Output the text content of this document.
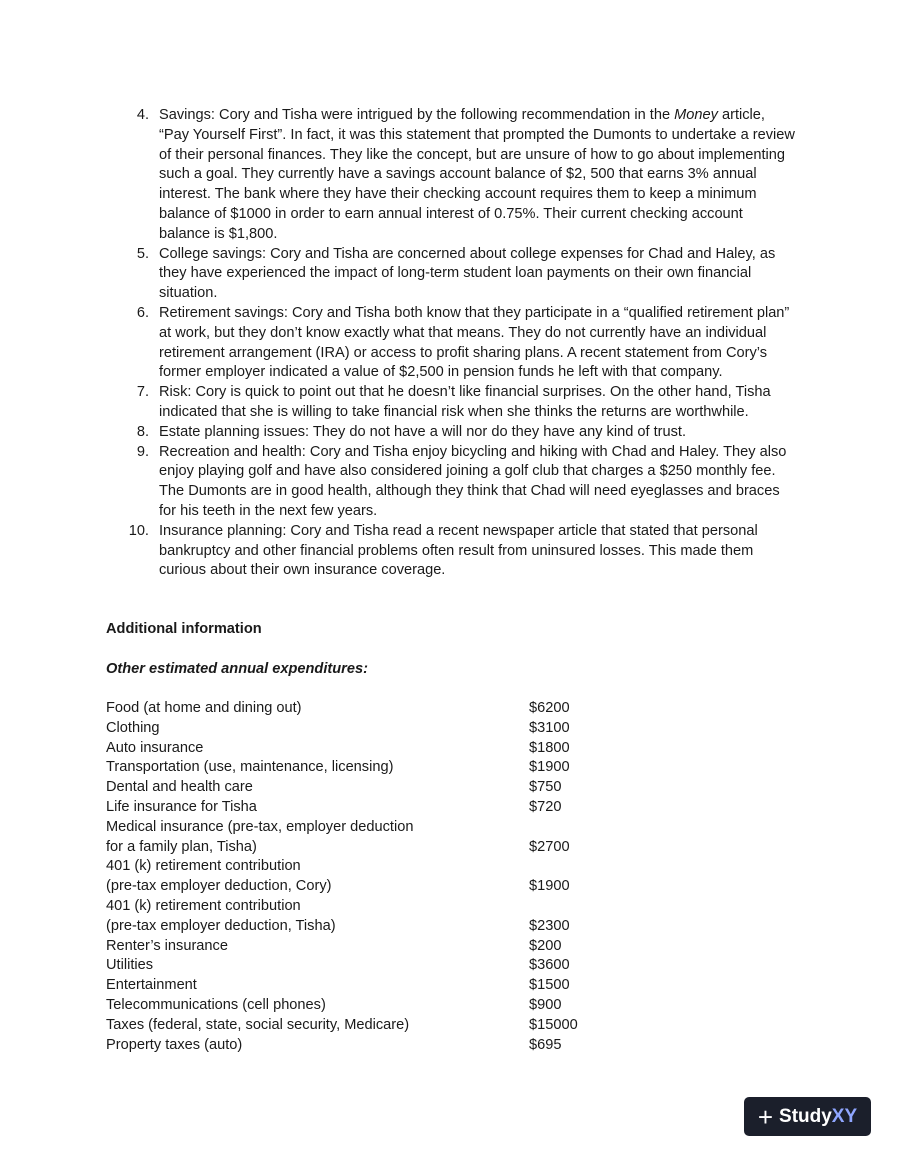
4. Savings: Cory and Tisha were intrigued by the following recommendation in the Money article, “Pay Yourself First”. In fact, it was this statement that prompted the Dumonts to undertake a review of their personal finances. They like the concept, but are unsure of how to go about implementing such a goal. They currently have a savings account balance of $2, 500 that earns 3% annual interest. The bank where they have their checking account requires them to keep a minimum balance of $1000 in order to earn annual interest of 0.75%. Their current checking account balance is $1,800.
5. College savings: Cory and Tisha are concerned about college expenses for Chad and Haley, as they have experienced the impact of long-term student loan payments on their own financial situation.
6. Retirement savings: Cory and Tisha both know that they participate in a “qualified retirement plan” at work, but they don’t know exactly what that means. They do not currently have an individual retirement arrangement (IRA) or access to profit sharing plans. A recent statement from Cory’s former employer indicated a value of $2,500 in pension funds he left with that company.
7. Risk: Cory is quick to point out that he doesn’t like financial surprises. On the other hand, Tisha indicated that she is willing to take financial risk when she thinks the returns are worthwhile.
8. Estate planning issues: They do not have a will nor do they have any kind of trust.
9. Recreation and health: Cory and Tisha enjoy bicycling and hiking with Chad and Haley. They also enjoy playing golf and have also considered joining a golf club that charges a $250 monthly fee. The Dumonts are in good health, although they think that Chad will need eyeglasses and braces for his teeth in the next few years.
10. Insurance planning: Cory and Tisha read a recent newspaper article that stated that personal bankruptcy and other financial problems often result from uninsured losses. This made them curious about their own insurance coverage.
Additional information
Other estimated annual expenditures:
Food (at home and dining out)	$6200
Clothing	$3100
Auto insurance	$1800
Transportation (use, maintenance, licensing)	$1900
Dental and health care	$750
Life insurance for Tisha	$720
Medical insurance (pre-tax, employer deduction
for a family plan, Tisha)	$2700
401 (k) retirement contribution
(pre-tax employer deduction, Cory)	$1900
401 (k) retirement contribution
(pre-tax employer deduction, Tisha)	$2300
Renter’s insurance	$200
Utilities	$3600
Entertainment	$1500
Telecommunications (cell phones)	$900
Taxes (federal, state, social security, Medicare)	$15000
Property taxes (auto)	$695
+ Study XY
